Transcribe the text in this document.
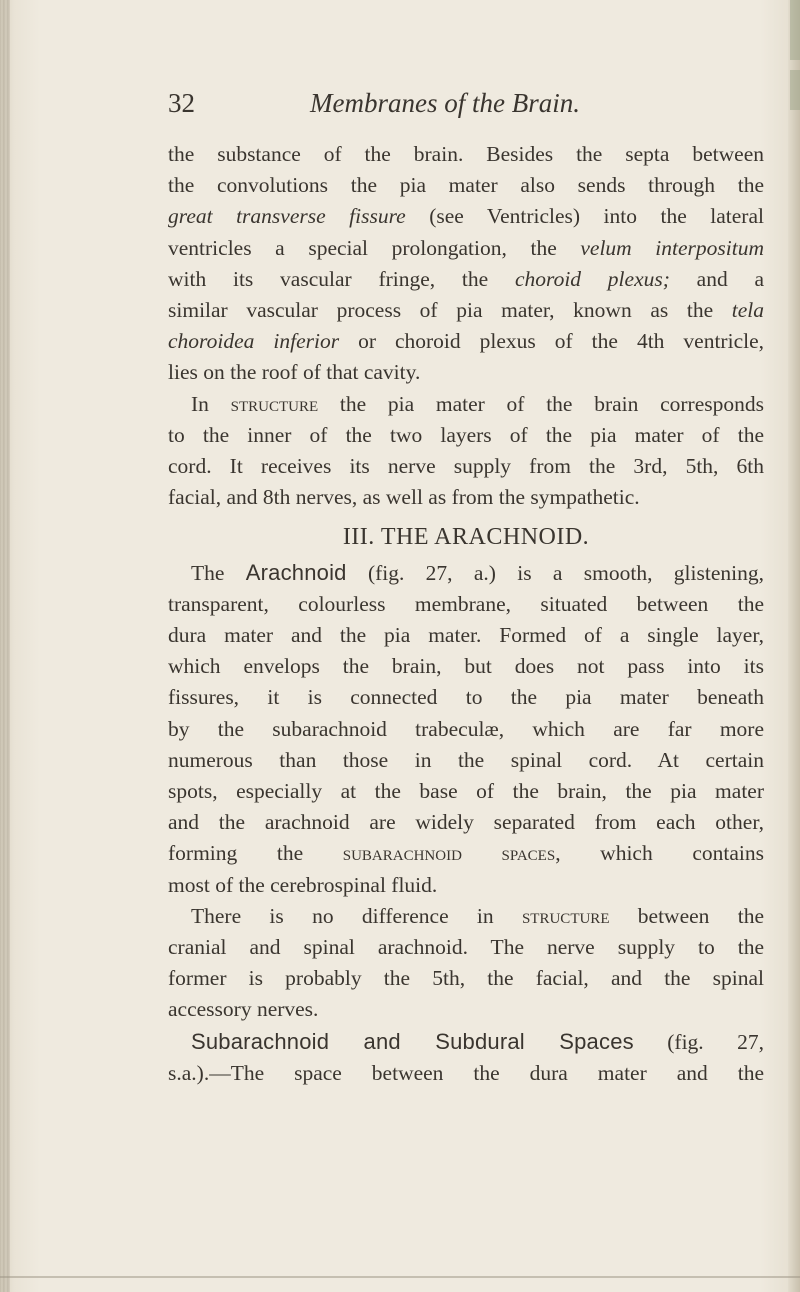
32	Membranes of the Brain.
the substance of the brain. Besides the septa between
the convolutions the pia mater also sends through the
great transverse fissure (see Ventricles) into the lateral
ventricles a special prolongation, the velum interpositum
with its vascular fringe, the choroid plexus; and a
similar vascular process of pia mater, known as the tela
choroidea inferior or choroid plexus of the 4th ventricle,
lies on the roof of that cavity.
In structure the pia mater of the brain corresponds
to the inner of the two layers of the pia mater of the
cord. It receives its nerve supply from the 3rd, 5th, 6th
facial, and 8th nerves, as well as from the sympathetic.
III. THE ARACHNOID.
The Arachnoid (fig. 27, a.) is a smooth, glistening,
transparent, colourless membrane, situated between the
dura mater and the pia mater. Formed of a single layer,
which envelops the brain, but does not pass into its
fissures, it is connected to the pia mater beneath
by the subarachnoid trabeculæ, which are far more
numerous than those in the spinal cord. At certain
spots, especially at the base of the brain, the pia mater
and the arachnoid are widely separated from each other,
forming the subarachnoid spaces, which contains
most of the cerebrospinal fluid.
There is no difference in structure between the
cranial and spinal arachnoid. The nerve supply to the
former is probably the 5th, the facial, and the spinal
accessory nerves.
Subarachnoid and Subdural Spaces (fig. 27,
s.a.).—The space between the dura mater and the
